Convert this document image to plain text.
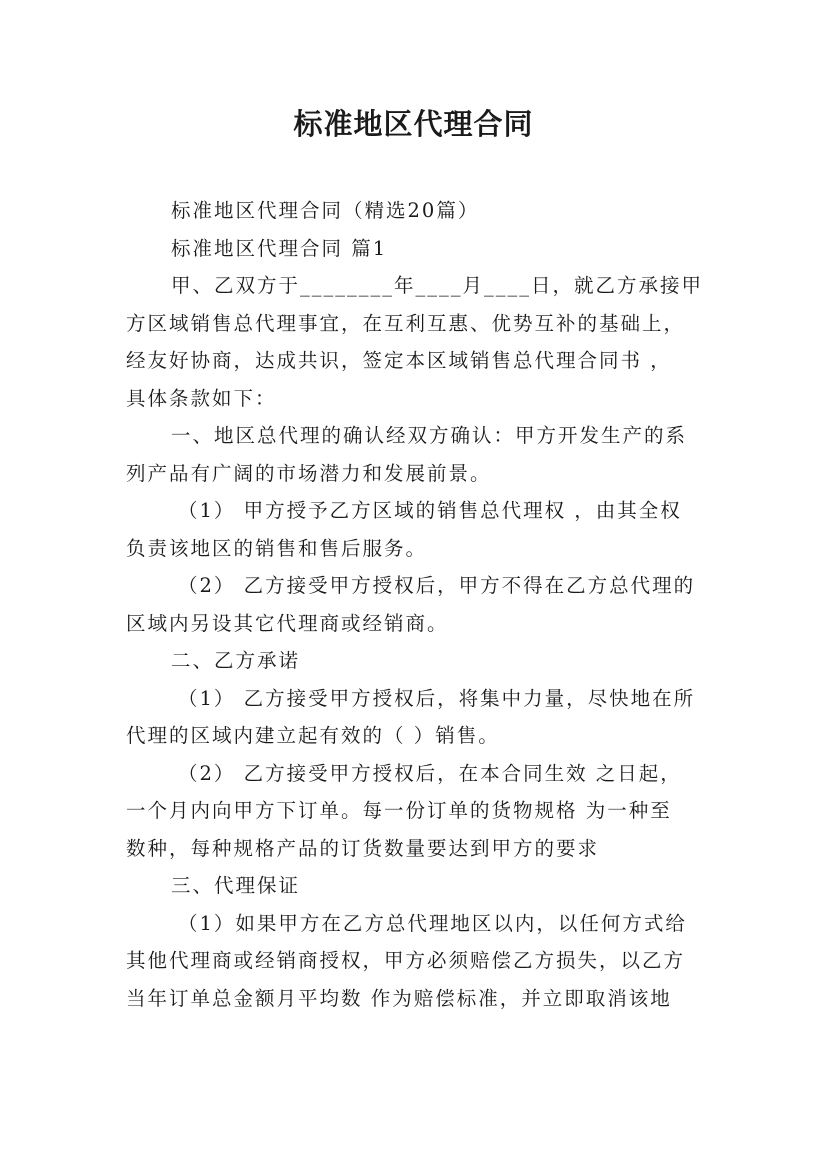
标准地区代理合同
标准地区代理合同（精选20篇）
标准地区代理合同 篇1
甲、乙双方于________年____月____日，就乙方承接甲
方区域销售总代理事宜，在互利互惠、优势互补的基础上，
经友好协商，达成共识，签定本区域销售总代理合同书 ，
具体条款如下：
一、地区总代理的确认经双方确认：甲方开发生产的系
列产品有广阔的市场潜力和发展前景。
（1） 甲方授予乙方区域的销售总代理权 ，由其全权
负责该地区的销售和售后服务。
（2） 乙方接受甲方授权后，甲方不得在乙方总代理的
区域内另设其它代理商或经销商。
二、乙方承诺
（1） 乙方接受甲方授权后，将集中力量，尽快地在所
代理的区域内建立起有效的（ ）销售。
（2） 乙方接受甲方授权后，在本合同生效 之日起，
一个月内向甲方下订单。每一份订单的货物规格 为一种至
数种，每种规格产品的订货数量要达到甲方的要求
三、代理保证
（1）如果甲方在乙方总代理地区以内，以任何方式给
其他代理商或经销商授权，甲方必须赔偿乙方损失，以乙方
当年订单总金额月平均数 作为赔偿标准，并立即取消该地
